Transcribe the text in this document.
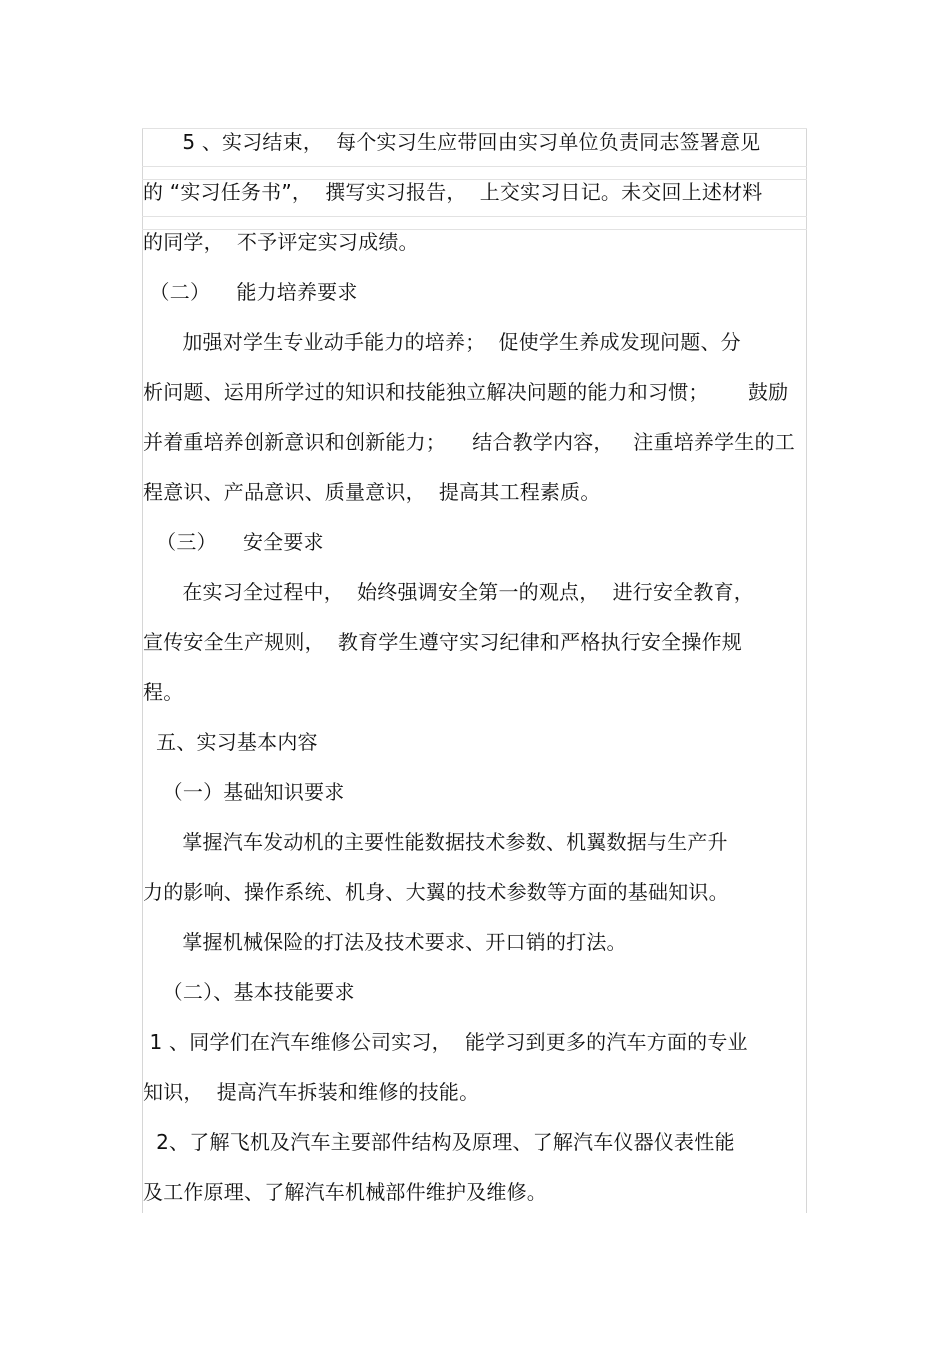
5 、实习结束，  每个实习生应带回由实习单位负责同志签署意见
的 “实习任务书”，  撰写实习报告，  上交实习日记。未交回上述材料
的同学，  不予评定实习成绩。
（二）    能力培养要求
加强对学生专业动手能力的培养；  促使学生养成发现问题、分
析问题、运用所学过的知识和技能独立解决问题的能力和习惯；      鼓励
并着重培养创新意识和创新能力；    结合教学内容，   注重培养学生的工
程意识、产品意识、质量意识，  提高其工程素质。
（三）    安全要求
在实习全过程中，  始终强调安全第一的观点，  进行安全教育，
宣传安全生产规则，  教育学生遵守实习纪律和严格执行安全操作规
程。
五、实习基本内容
（一）基础知识要求
掌握汽车发动机的主要性能数据技术参数、机翼数据与生产升
力的影响、操作系统、机身、大翼的技术参数等方面的基础知识。
掌握机械保险的打法及技术要求、开口销的打法。
（二）、基本技能要求
1 、同学们在汽车维修公司实习，  能学习到更多的汽车方面的专业
知识，  提高汽车拆装和维修的技能。
2、了解飞机及汽车主要部件结构及原理、了解汽车仪器仪表性能
及工作原理、了解汽车机械部件维护及维修。
